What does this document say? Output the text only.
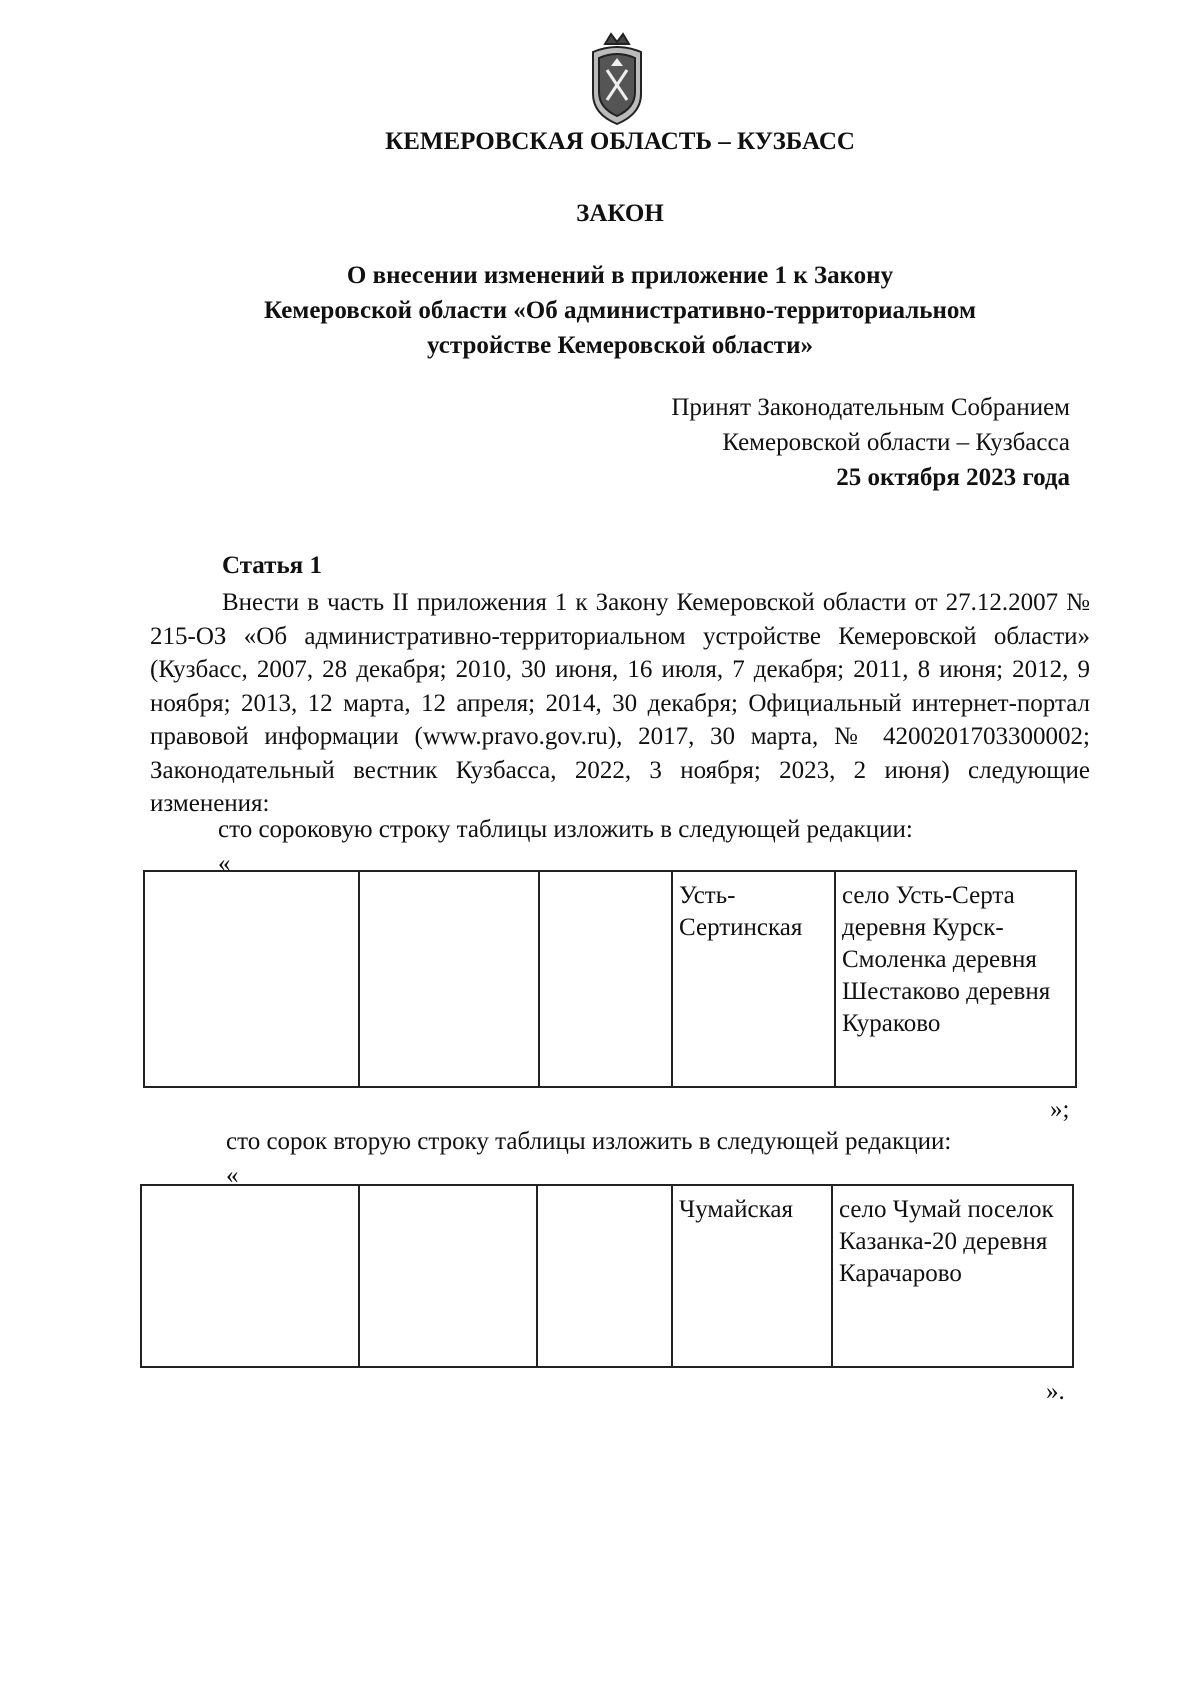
КЕМЕРОВСКАЯ ОБЛАСТЬ – КУЗБАСС
ЗАКОН
О внесении изменений в приложение 1 к Закону
Кемеровской области «Об административно-территориальном
устройстве Кемеровской области»
Принят Законодательным Собранием
Кемеровской области – Кузбасса
25 октября 2023 года
Статья 1
Внести в часть II приложения 1 к Закону Кемеровской области от 27.12.2007 № 215-ОЗ «Об административно-территориальном устройстве Кемеровской области» (Кузбасс, 2007, 28 декабря; 2010, 30 июня, 16 июля, 7 декабря; 2011, 8 июня; 2012, 9 ноября; 2013, 12 марта, 12 апреля; 2014, 30 декабря; Официальный интернет-портал правовой информации (www.pravo.gov.ru), 2017, 30 марта, № 4200201703300002; Законодательный вестник Кузбасса, 2022, 3 ноября; 2023, 2 июня) следующие изменения:
сто сороковую строку таблицы изложить в следующей редакции:
«
			Усть-Сертинская	село Усть-Серта деревня Курск-Смоленка деревня Шестаково деревня Кураково
»;
сто сорок вторую строку таблицы изложить в следующей редакции:
«
			Чумайская	село Чумай поселок Казанка-20 деревня Карачарово
».
